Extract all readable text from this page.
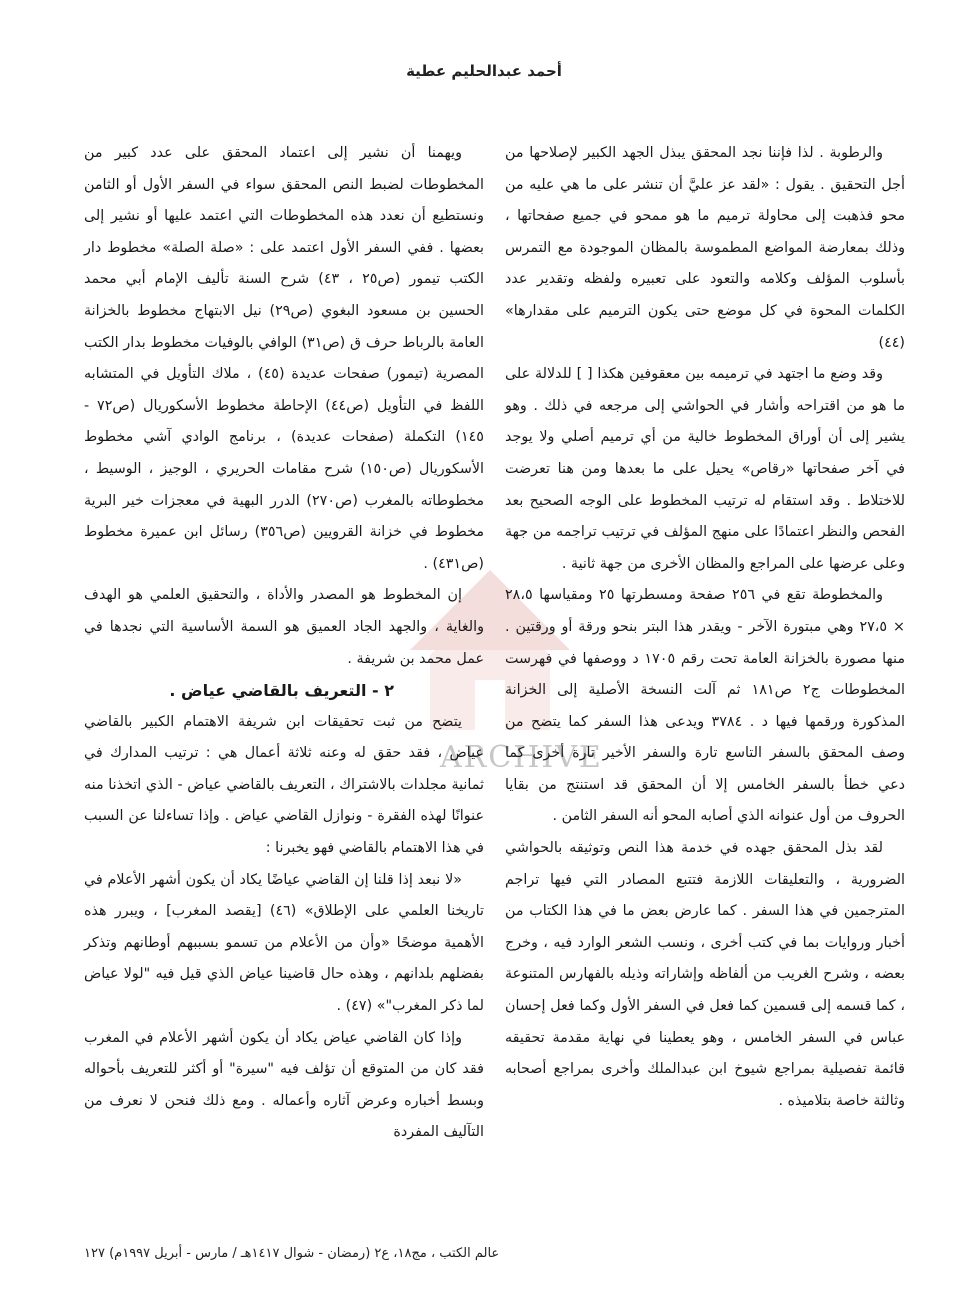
أحمد عبدالحليم عطية
ARCHIVE

والرطوبة . لذا فإننا نجد المحقق يبذل الجهد الكبير لإصلاحها من أجل التحقيق . يقول : «لقد عز عليَّ أن تنشر على ما هي عليه من محو فذهبت إلى محاولة ترميم ما هو ممحو في جميع صفحاتها ، وذلك بمعارضة المواضع المطموسة بالمظان الموجودة مع التمرس بأسلوب المؤلف وكلامه والتعود على تعبيره ولفظه وتقدير عدد الكلمات المحوة في كل موضع حتى يكون الترميم على مقدارها» (٤٤)

وقد وضع ما اجتهد في ترميمه بين معقوفين هكذا [ ] للدلالة على ما هو من اقتراحه وأشار في الحواشي إلى مرجعه في ذلك . وهو يشير إلى أن أوراق المخطوط خالية من أي ترميم أصلي ولا يوجد في آخر صفحاتها «رقاص» يحيل على ما بعدها ومن هنا تعرضت للاختلاط . وقد استقام له ترتيب المخطوط على الوجه الصحيح بعد الفحص والنظر اعتمادًا على منهج المؤلف في ترتيب تراجمه من جهة وعلى عرضها على المراجع والمظان الأخرى من جهة ثانية .

والمخطوطة تقع في ٢٥٦ صفحة ومسطرتها ٢٥ ومقياسها ٢٨،٥ × ٢٧،٥ وهي مبتورة الآخر - ويقدر هذا البتر بنحو ورقة أو ورقتين . منها مصورة بالخزانة العامة تحت رقم ١٧٠٥ د ووصفها في فهرست المخطوطات ج٢ ص١٨١ ثم آلت النسخة الأصلية إلى الخزانة المذكورة ورقمها فيها د . ٣٧٨٤ ويدعى هذا السفر كما يتضح من وصف المحقق بالسفر التاسع تارة والسفر الأخير تارة أخرى كما دعي خطأ بالسفر الخامس إلا أن المحقق قد استنتج من بقايا الحروف من أول عنوانه الذي أصابه المحو أنه السفر الثامن .

لقد بذل المحقق جهده في خدمة هذا النص وتوثيقه بالحواشي الضرورية ، والتعليقات اللازمة فتتبع المصادر التي فيها تراجم المترجمين في هذا السفر . كما عارض بعض ما في هذا الكتاب من أخبار وروايات بما في كتب أخرى ، ونسب الشعر الوارد فيه ، وخرج بعضه ، وشرح الغريب من ألفاظه وإشاراته وذيله بالفهارس المتنوعة ، كما قسمه إلى قسمين كما فعل في السفر الأول وكما فعل إحسان عباس في السفر الخامس ، وهو يعطينا في نهاية مقدمة تحقيقه قائمة تفصيلية بمراجع شيوخ ابن عبدالملك وأخرى بمراجع أصحابه وثالثة خاصة بتلاميذه .

ويهمنا أن نشير إلى اعتماد المحقق على عدد كبير من المخطوطات لضبط النص المحقق سواء في السفر الأول أو الثامن ونستطيع أن نعدد هذه المخطوطات التي اعتمد عليها أو نشير إلى بعضها . ففي السفر الأول اعتمد على : «صلة الصلة» مخطوط دار الكتب تيمور (ص٢٥ ، ٤٣) شرح السنة تأليف الإمام أبي محمد الحسين بن مسعود البغوي (ص٢٩) نيل الابتهاج مخطوط بالخزانة العامة بالرباط حرف ق (ص٣١) الوافي بالوفيات مخطوط بدار الكتب المصرية (تيمور) صفحات عديدة (٤٥) ، ملاك التأويل في المتشابه اللفظ في التأويل (ص٤٤) الإحاطة مخطوط الأسكوريال (ص٧٢ - ١٤٥) التكملة (صفحات عديدة) ، برنامج الوادي آشي مخطوط الأسكوريال (ص١٥٠) شرح مقامات الحريري ، الوجيز ، الوسيط ، مخطوطاته بالمغرب (ص٢٧٠) الدرر البهية في معجزات خير البرية مخطوط في خزانة القرويين (ص٣٥٦) رسائل ابن عميرة مخطوط (ص٤٣١) .

إن المخطوط هو المصدر والأداة ، والتحقيق العلمي هو الهدف والغاية ، والجهد الجاد العميق هو السمة الأساسية التي نجدها في عمل محمد بن شريفة .

٢ - التعريف بالقاضي عياض .

يتضح من ثبت تحقيقات ابن شريفة الاهتمام الكبير بالقاضي عياض ، فقد حقق له وعنه ثلاثة أعمال هي : ترتيب المدارك في ثمانية مجلدات بالاشتراك ، التعريف بالقاضي عياض - الذي اتخذنا منه عنوانًا لهذه الفقرة - ونوازل القاضي عياض . وإذا تساءلنا عن السبب في هذا الاهتمام بالقاضي فهو يخبرنا :

«لا نبعد إذا قلنا إن القاضي عياضًا يكاد أن يكون أشهر الأعلام في تاريخنا العلمي على الإطلاق» (٤٦) [يقصد المغرب] ، ويبرر هذه الأهمية موضحًا «وأن من الأعلام من تسمو بسببهم أوطانهم وتذكر بفضلهم بلدانهم ، وهذه حال قاضينا عياض الذي قيل فيه "لولا عياض لما ذكر المغرب"» (٤٧) .

وإذا كان القاضي عياض يكاد أن يكون أشهر الأعلام في المغرب فقد كان من المتوقع أن تؤلف فيه "سيرة" أو أكثر للتعريف بأحواله وبسط أخباره وعرض آثاره وأعماله . ومع ذلك فنحن لا نعرف من التآليف المفردة

عالم الكتب ، مج١٨، ع٢ (رمضان - شوال ١٤١٧هـ / مارس - أبريل ١٩٩٧م) ١٢٧
